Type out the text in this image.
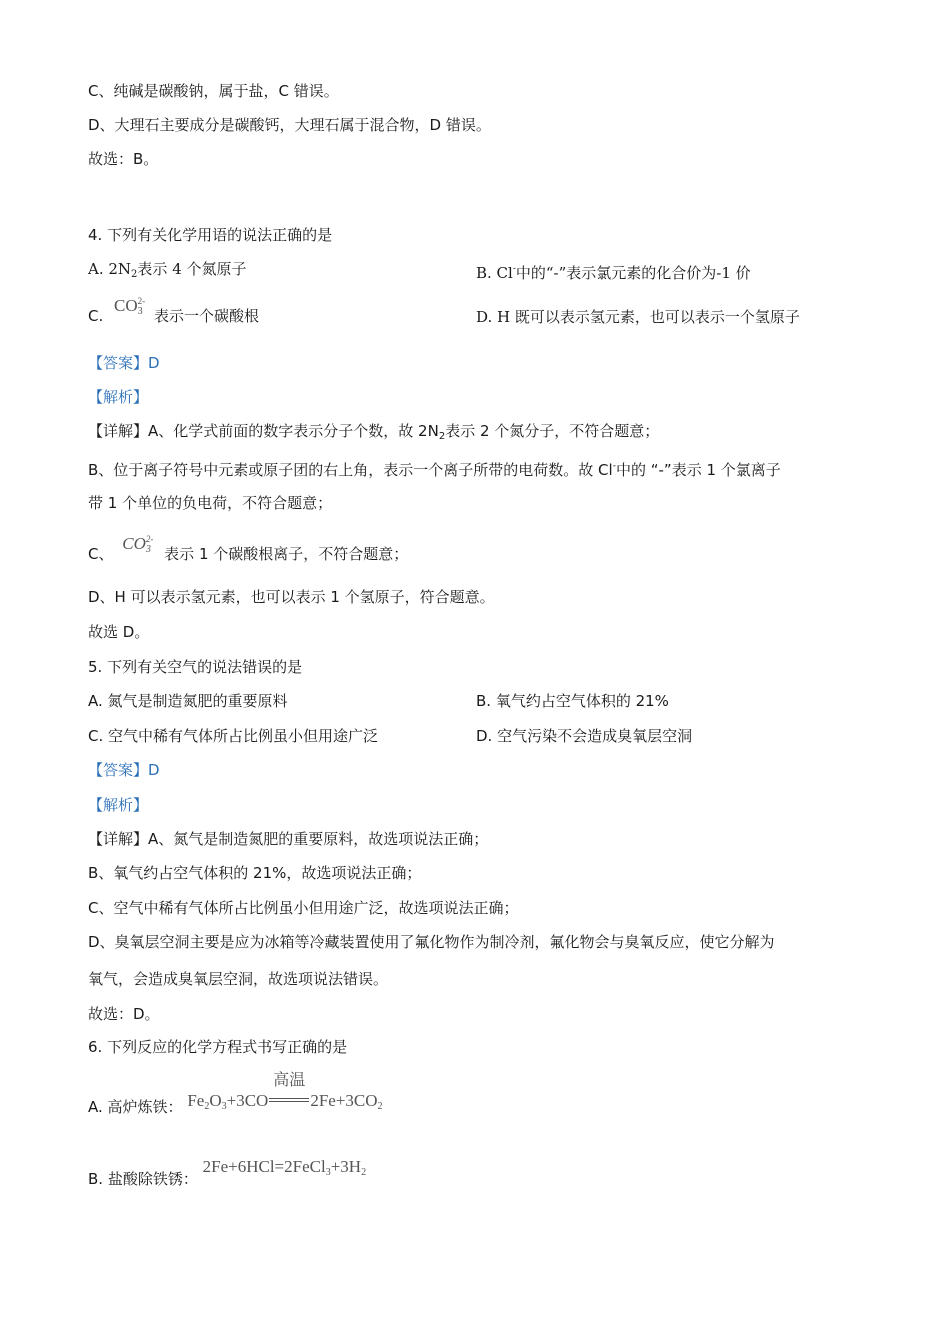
C、纯碱是碳酸钠，属于盐，C 错误。
D、大理石主要成分是碳酸钙，大理石属于混合物，D 错误。
故选：B。
4. 下列有关化学用语的说法正确的是
A. $2N_2$表示 4 个氮原子	B. Cl-中的“-”表示氯元素的化合价为-1 价
C. $CO_3^{2-}$ 表示一个碳酸根	D. H 既可以表示氢元素，也可以表示一个氢原子
【答案】D
【解析】
【详解】A、化学式前面的数字表示分子个数，故 $2N_2$表示 2 个氮分子，不符合题意；
B、位于离子符号中元素或原子团的右上角，表示一个离子所带的电荷数。故 Cl-中的 “-”表示 1 个氯离子
带 1 个单位的负电荷，不符合题意；
C、 $CO_3^{2-}$ 表示 1 个碳酸根离子，不符合题意；
D、H 可以表示氢元素，也可以表示 1 个氢原子，符合题意。
故选 D。
5. 下列有关空气的说法错误的是
A. 氮气是制造氮肥的重要原料	B. 氧气约占空气体积的 21%
C. 空气中稀有气体所占比例虽小但用途广泛	D. 空气污染不会造成臭氧层空洞
【答案】D
【解析】
【详解】A、氮气是制造氮肥的重要原料，故选项说法正确；
B、氧气约占空气体积的 21%，故选项说法正确；
C、空气中稀有气体所占比例虽小但用途广泛，故选项说法正确；
D、臭氧层空洞主要是应为冰箱等冷藏装置使用了氟化物作为制冷剂，氟化物会与臭氧反应，使它分解为
氧气，会造成臭氧层空洞，故选项说法错误。
故选：D。
6. 下列反应的化学方程式书写正确的是
A. 高炉炼铁： $Fe_2O_3+3CO$
高温
$2Fe+3CO_2$
B. 盐酸除铁锈： $2Fe+6HCl=2FeCl_3+3H_2$
